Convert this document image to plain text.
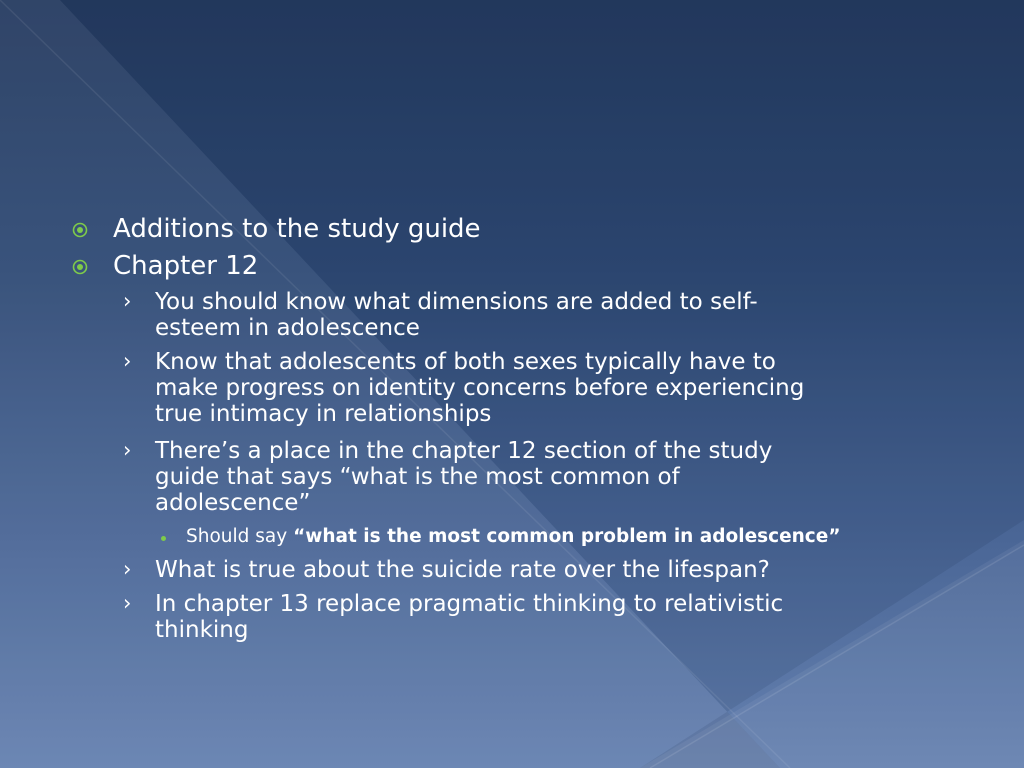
Additions to the study guide
Chapter 12
› You should know what dimensions are added to self-
esteem in adolescence
› Know that adolescents of both sexes typically have to
make progress on identity concerns before experiencing
true intimacy in relationships
› There’s a place in the chapter 12 section of the study
guide that says “what is the most common of
adolescence”
Should say “what is the most common problem in adolescence”
› What is true about the suicide rate over the lifespan?
› In chapter 13 replace pragmatic thinking to relativistic
thinking
